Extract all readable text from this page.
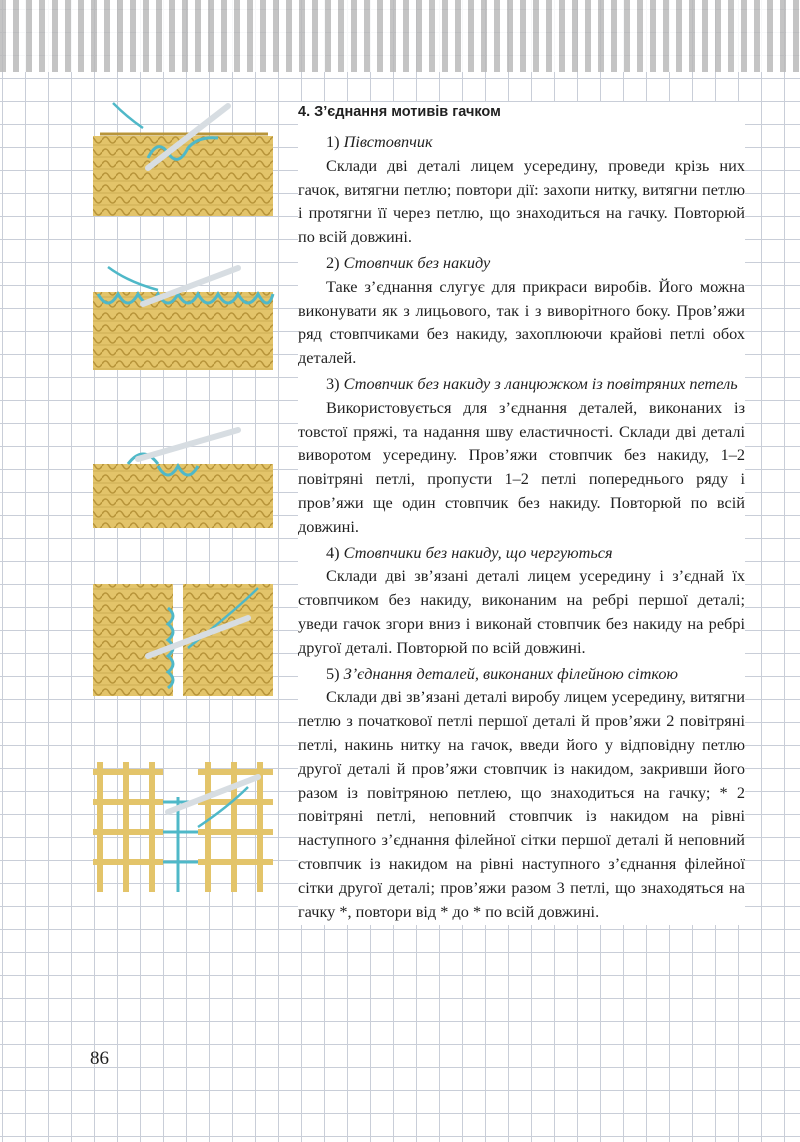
4. З’єднання мотивів гачком

1) Півстовпчик

Склади дві деталі лицем усередину, проведи крізь них гачок, витягни петлю; повтори дії: захопи нитку, витягни петлю і протягни її через петлю, що знаходиться на гачку. Повторюй по всій довжині.

2) Стовпчик без накиду

Таке з’єднання слугує для прикраси виробів. Його можна виконувати як з лицьового, так і з виворітного боку. Пров’яжи ряд стовпчиками без накиду, захоплюючи крайові петлі обох деталей.

3) Стовпчик без накиду з ланцюжком із повітряних петель

Використовується для з’єднання деталей, виконаних із товстої пряжі, та надання шву еластичності. Склади дві деталі виворотом усередину. Пров’яжи стовпчик без накиду, 1–2 повітряні петлі, пропусти 1–2 петлі попереднього ряду і пров’яжи ще один стовпчик без накиду. Повторюй по всій довжині.

4) Стовпчики без накиду, що чергуються

Склади дві зв’язані деталі лицем усередину і з’єднай їх стовпчиком без накиду, виконаним на ребрі першої деталі; уведи гачок згори вниз і виконай стовпчик без накиду на ребрі другої деталі. Повторюй по всій довжині.

5) З’єднання деталей, виконаних філейною сіткою

Склади дві зв’язані деталі виробу лицем усередину, витягни петлю з початкової петлі першої деталі й пров’яжи 2 повітряні петлі, накинь нитку на гачок, введи його у відповідну петлю другої деталі й пров’яжи стовпчик із накидом, закривши його разом із повітряною петлею, що знаходиться на гачку; * 2 повітряні петлі, неповний стовпчик із накидом на рівні наступного з’єднання філейної сітки першої деталі й неповний стовпчик із накидом на рівні наступного з’єднання філейної сітки другої деталі; пров’яжи разом 3 петлі, що знаходяться на гачку *, повтори від * до * по всій довжині.

86
